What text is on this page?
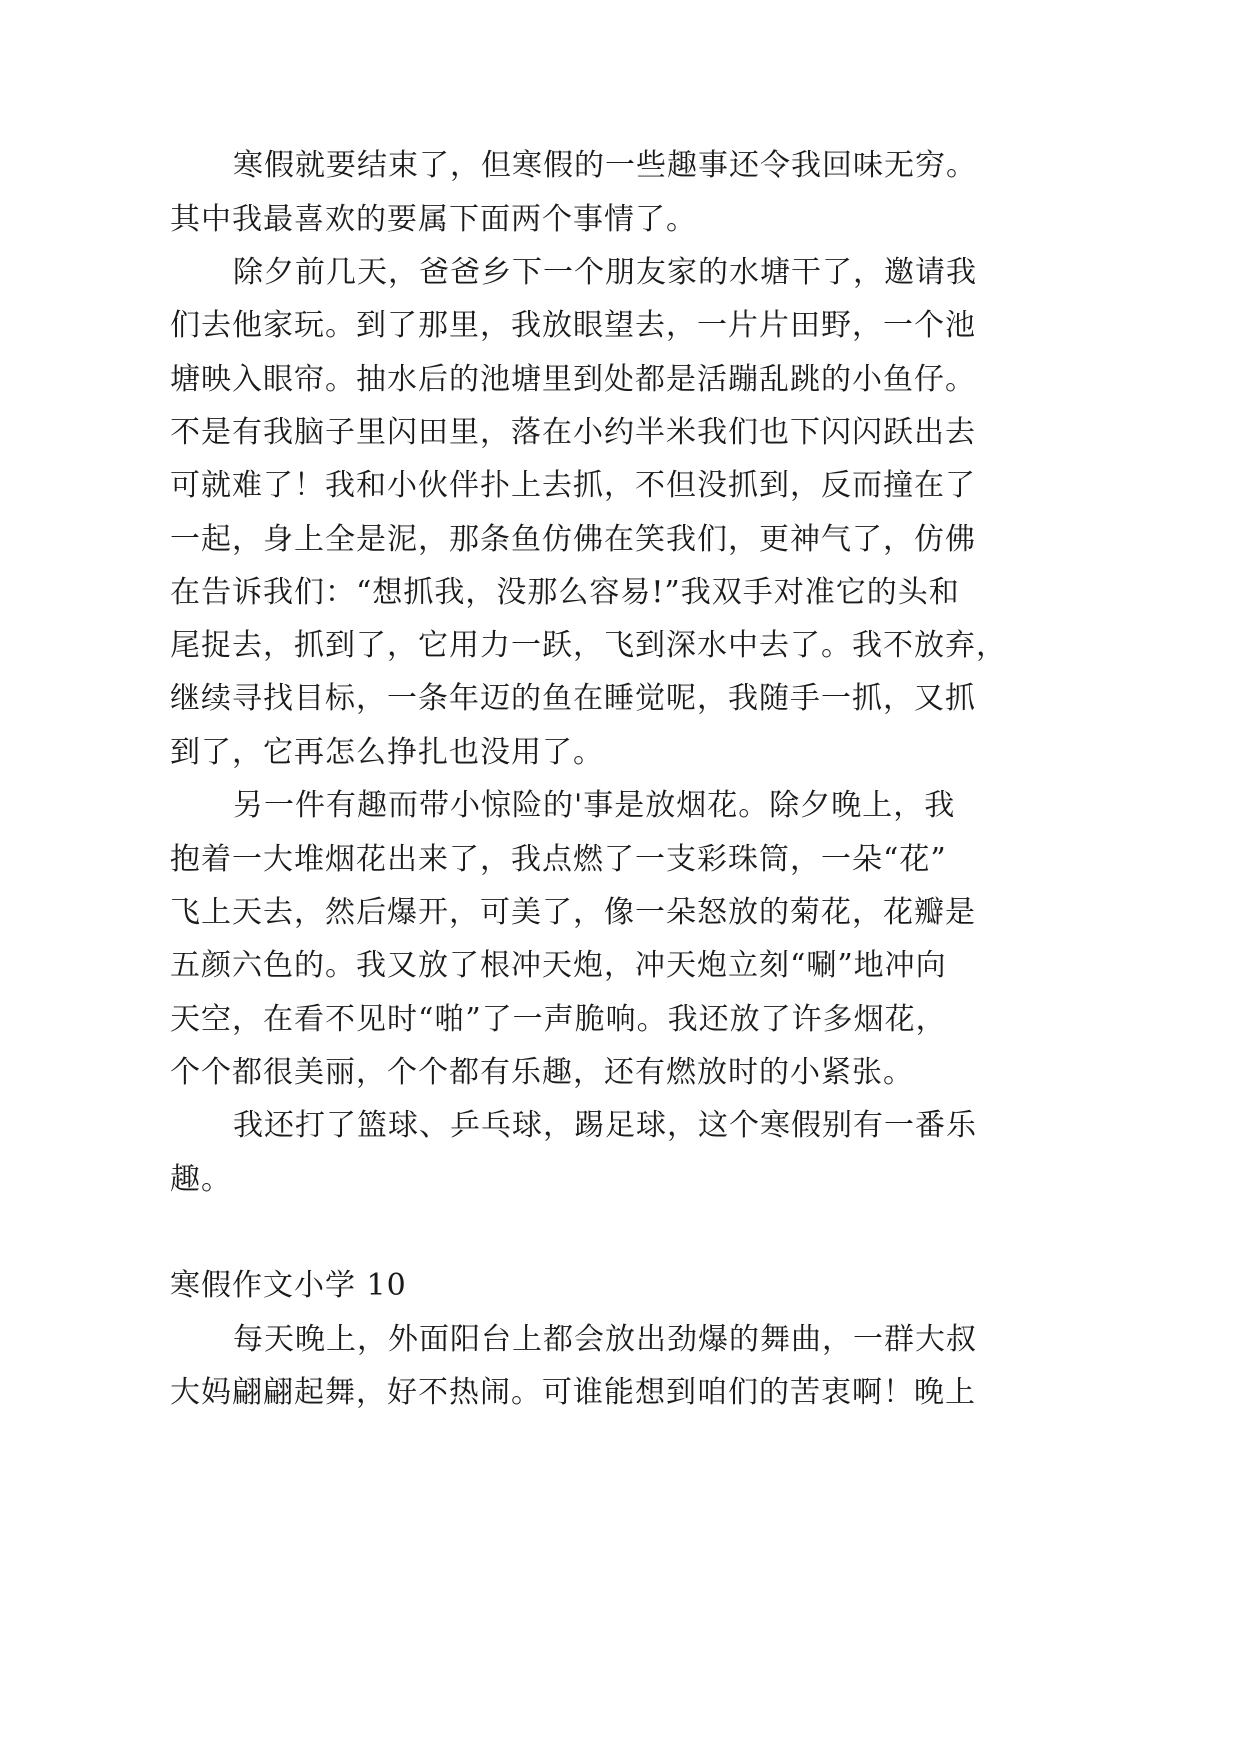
寒假就要结束了，但寒假的一些趣事还令我回味无穷。
其中我最喜欢的要属下面两个事情了。
除夕前几天，爸爸乡下一个朋友家的水塘干了，邀请我
们去他家玩。到了那里，我放眼望去，一片片田野，一个池
塘映入眼帘。抽水后的池塘里到处都是活蹦乱跳的小鱼仔。
不是有我脑子里闪田里，落在小约半米我们也下闪闪跃出去
可就难了！我和小伙伴扑上去抓，不但没抓到，反而撞在了
一起，身上全是泥，那条鱼仿佛在笑我们，更神气了，仿佛
在告诉我们：“想抓我，没那么容易!”我双手对准它的头和
尾捉去，抓到了，它用力一跃，飞到深水中去了。我不放弃，
继续寻找目标，一条年迈的鱼在睡觉呢，我随手一抓，又抓
到了，它再怎么挣扎也没用了。
另一件有趣而带小惊险的'事是放烟花。除夕晚上，我
抱着一大堆烟花出来了，我点燃了一支彩珠筒，一朵“花”
飞上天去，然后爆开，可美了，像一朵怒放的菊花，花瓣是
五颜六色的。我又放了根冲天炮，冲天炮立刻“唰”地冲向
天空，在看不见时“啪”了一声脆响。我还放了许多烟花，
个个都很美丽，个个都有乐趣，还有燃放时的小紧张。
我还打了篮球、乒乓球，踢足球，这个寒假别有一番乐
趣。
寒假作文小学 10
每天晚上，外面阳台上都会放出劲爆的舞曲，一群大叔
大妈翩翩起舞，好不热闹。可谁能想到咱们的苦衷啊！晚上
